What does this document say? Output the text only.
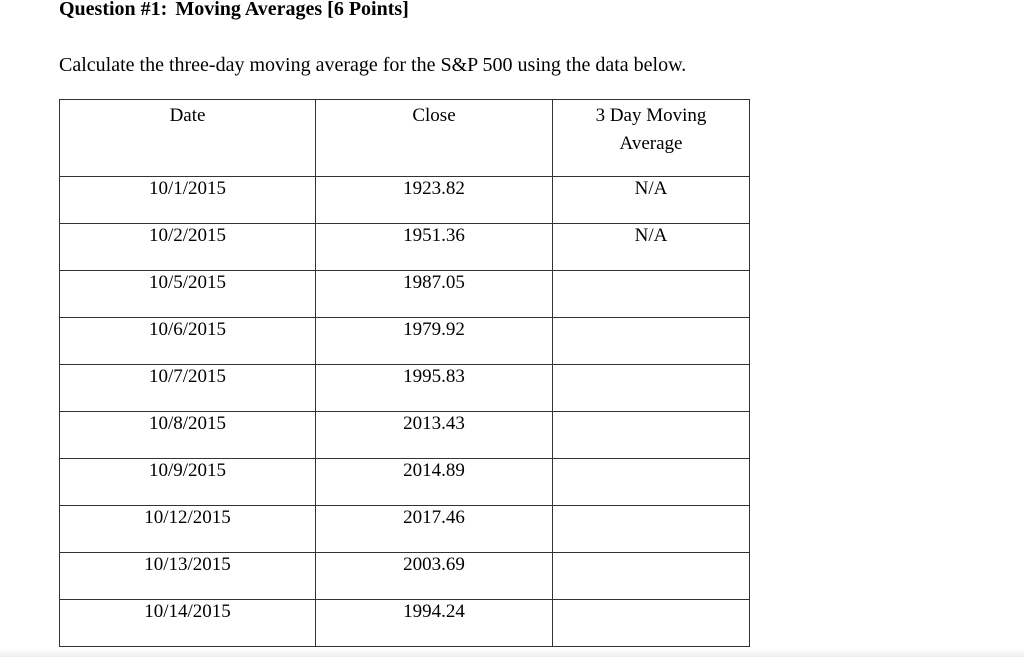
Question #1: Moving Averages [6 Points]
Calculate the three-day moving average for the S&P 500 using the data below.
Date	Close	3 Day Moving
Average

10/1/2015	1923.82	N/A
10/2/2015	1951.36	N/A
10/5/2015	1987.05	
10/6/2015	1979.92	
10/7/2015	1995.83	
10/8/2015	2013.43	
10/9/2015	2014.89	
10/12/2015	2017.46	
10/13/2015	2003.69	
10/14/2015	1994.24	
